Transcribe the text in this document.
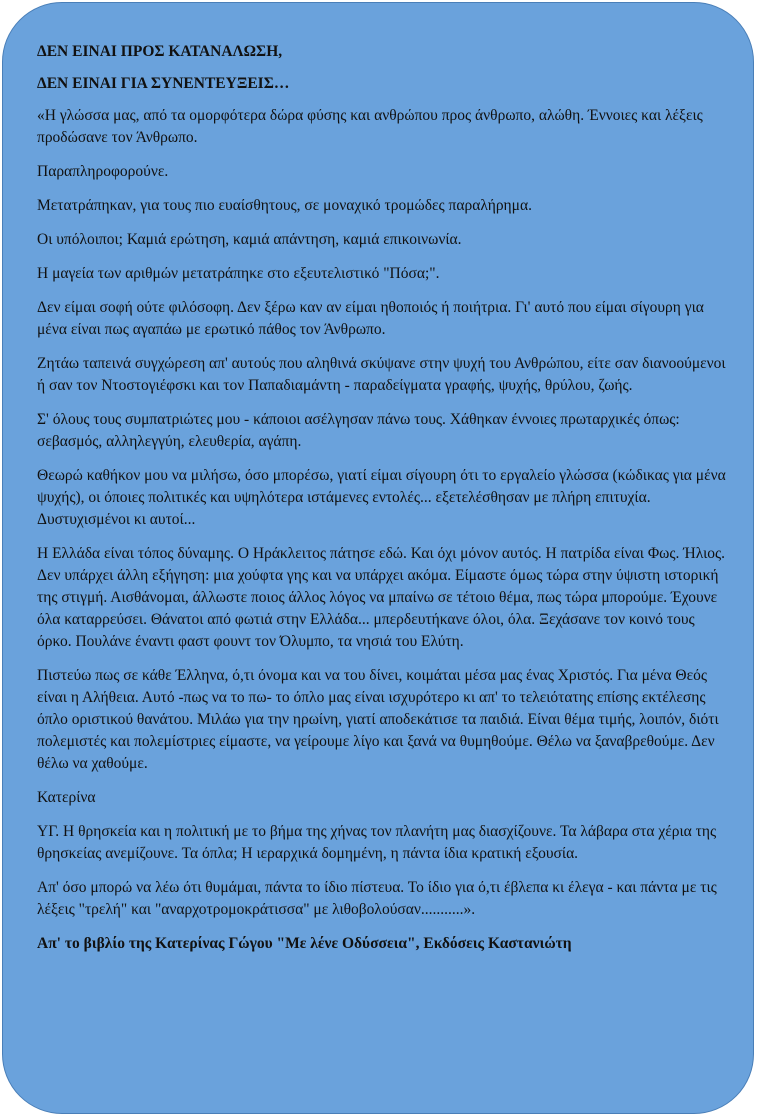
ΔΕΝ ΕΙΝΑΙ ΠΡΟΣ ΚΑΤΑΝΑΛΩΣΗ,

ΔΕΝ ΕΙΝΑΙ ΓΙΑ ΣΥΝΕΝΤΕΥΞΕΙΣ…

«Η γλώσσα μας, από τα ομορφότερα δώρα φύσης και ανθρώπου προς άνθρωπο, αλώθη. Έννοιες και λέξεις προδώσανε τον Άνθρωπο.

Παραπληροφορούνε.

Μετατράπηκαν, για τους πιο ευαίσθητους, σε μοναχικό τρομώδες παραλήρημα.

Οι υπόλοιποι; Καμιά ερώτηση, καμιά απάντηση, καμιά επικοινωνία.

Η μαγεία των αριθμών μετατράπηκε στο εξευτελιστικό "Πόσα;".

Δεν είμαι σοφή ούτε φιλόσοφη. Δεν ξέρω καν αν είμαι ηθοποιός ή ποιήτρια. Γι' αυτό που είμαι σίγουρη για μένα είναι πως αγαπάω με ερωτικό πάθος τον Άνθρωπο.

Ζητάω ταπεινά συγχώρεση απ' αυτούς που αληθινά σκύψανε στην ψυχή του Ανθρώπου, είτε σαν διανοούμενοι ή σαν τον Ντοστογιέφσκι και τον Παπαδιαμάντη - παραδείγματα γραφής, ψυχής, θρύλου, ζωής.

Σ' όλους τους συμπατριώτες μου - κάποιοι ασέλγησαν πάνω τους. Χάθηκαν έννοιες πρωταρχικές όπως: σεβασμός, αλληλεγγύη, ελευθερία, αγάπη.

Θεωρώ καθήκον μου να μιλήσω, όσο μπορέσω, γιατί είμαι σίγουρη ότι το εργαλείο γλώσσα (κώδικας για μένα ψυχής), οι όποιες πολιτικές και υψηλότερα ιστάμενες εντολές... εξετελέσθησαν με πλήρη επιτυχία. Δυστυχισμένοι κι αυτοί...

Η Ελλάδα είναι τόπος δύναμης. Ο Ηράκλειτος πάτησε εδώ. Και όχι μόνον αυτός. Η πατρίδα είναι Φως. Ήλιος. Δεν υπάρχει άλλη εξήγηση: μια χούφτα γης και να υπάρχει ακόμα. Είμαστε όμως τώρα στην ύψιστη ιστορική της στιγμή. Αισθάνομαι, άλλωστε ποιος άλλος λόγος να μπαίνω σε τέτοιο θέμα, πως τώρα μπορούμε. Έχουνε όλα καταρρεύσει. Θάνατοι από φωτιά στην Ελλάδα... μπερδευτήκανε όλοι, όλα. Ξεχάσανε τον κοινό τους όρκο. Πουλάνε έναντι φαστ φουντ τον Όλυμπο, τα νησιά του Ελύτη.

Πιστεύω πως σε κάθε Έλληνα, ό,τι όνομα και να του δίνει, κοιμάται μέσα μας ένας Χριστός. Για μένα Θεός είναι η Αλήθεια. Αυτό -πως να το πω- το όπλο μας είναι ισχυρότερο κι απ' το τελειότατης επίσης εκτέλεσης όπλο οριστικού θανάτου. Μιλάω για την ηρωίνη, γιατί αποδεκάτισε τα παιδιά. Είναι θέμα τιμής, λοιπόν, διότι πολεμιστές και πολεμίστριες είμαστε, να γείρουμε λίγο και ξανά να θυμηθούμε. Θέλω να ξαναβρεθούμε. Δεν θέλω να χαθούμε.

Κατερίνα

ΥΓ. Η θρησκεία και η πολιτική με το βήμα της χήνας τον πλανήτη μας διασχίζουνε. Τα λάβαρα στα χέρια της θρησκείας ανεμίζουνε. Τα όπλα; Η ιεραρχικά δομημένη, η πάντα ίδια κρατική εξουσία.

Απ' όσο μπορώ να λέω ότι θυμάμαι, πάντα το ίδιο πίστευα. Το ίδιο για ό,τι έβλεπα κι έλεγα - και πάντα με τις λέξεις "τρελή" και "αναρχοτρομοκράτισσα" με λιθοβολούσαν...........».

Απ' το βιβλίο της Κατερίνας Γώγου "Με λένε Οδύσσεια", Εκδόσεις Καστανιώτη
